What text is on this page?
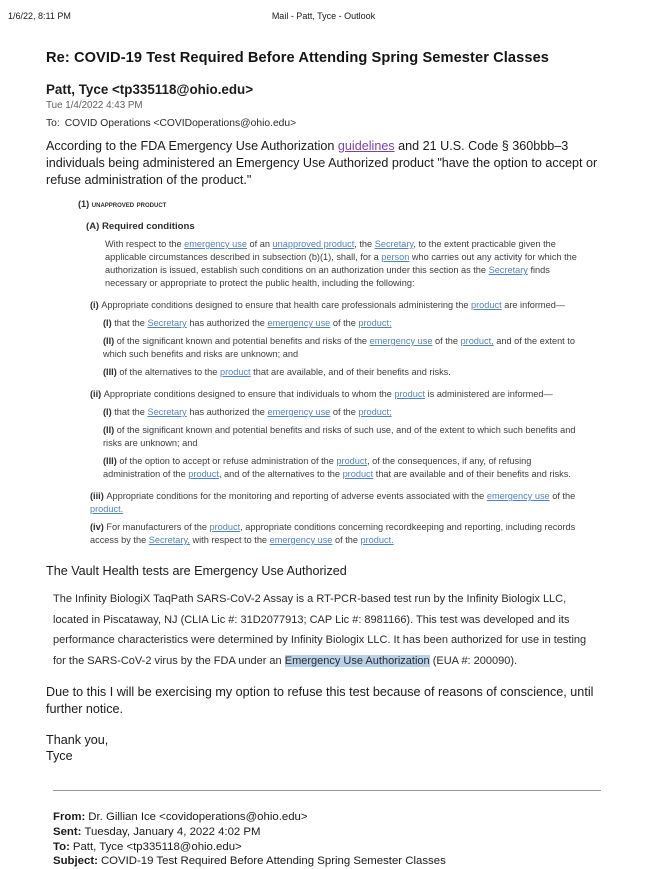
1/6/22, 8:11 PM	Mail - Patt, Tyce - Outlook
Re: COVID-19 Test Required Before Attending Spring Semester Classes
Patt, Tyce <tp335118@ohio.edu>
Tue 1/4/2022 4:43 PM
To: COVID Operations <COVIDoperations@ohio.edu>
According to the FDA Emergency Use Authorization guidelines and 21 U.S. Code § 360bbb–3 individuals being administered an Emergency Use Authorized product "have the option to accept or refuse administration of the product."
(1) unapproved product
(A) Required conditions
With respect to the emergency use of an unapproved product, the Secretary, to the extent practicable given the applicable circumstances described in subsection (b)(1), shall, for a person who carries out any activity for which the authorization is issued, establish such conditions on an authorization under this section as the Secretary finds necessary or appropriate to protect the public health, including the following:
(i) Appropriate conditions designed to ensure that health care professionals administering the product are informed—
(I) that the Secretary has authorized the emergency use of the product;
(II) of the significant known and potential benefits and risks of the emergency use of the product, and of the extent to which such benefits and risks are unknown; and
(III) of the alternatives to the product that are available, and of their benefits and risks.
(ii) Appropriate conditions designed to ensure that individuals to whom the product is administered are informed—
(I) that the Secretary has authorized the emergency use of the product;
(II) of the significant known and potential benefits and risks of such use, and of the extent to which such benefits and risks are unknown; and
(III) of the option to accept or refuse administration of the product, of the consequences, if any, of refusing administration of the product, and of the alternatives to the product that are available and of their benefits and risks.
(iii) Appropriate conditions for the monitoring and reporting of adverse events associated with the emergency use of the product.
(iv) For manufacturers of the product, appropriate conditions concerning recordkeeping and reporting, including records access by the Secretary, with respect to the emergency use of the product.
The Vault Health tests are Emergency Use Authorized
The Infinity BiologiX TaqPath SARS-CoV-2 Assay is a RT-PCR-based test run by the Infinity Biologix LLC, located in Piscataway, NJ (CLIA Lic #: 31D2077913; CAP Lic #: 8981166). This test was developed and its performance characteristics were determined by Infinity Biologix LLC. It has been authorized for use in testing for the SARS-CoV-2 virus by the FDA under an Emergency Use Authorization (EUA #: 200090).
Due to this I will be exercising my option to refuse this test because of reasons of conscience, until further notice.
Thank you,
Tyce
From: Dr. Gillian Ice <covidoperations@ohio.edu>
Sent: Tuesday, January 4, 2022 4:02 PM
To: Patt, Tyce <tp335118@ohio.edu>
Subject: COVID-19 Test Required Before Attending Spring Semester Classes
